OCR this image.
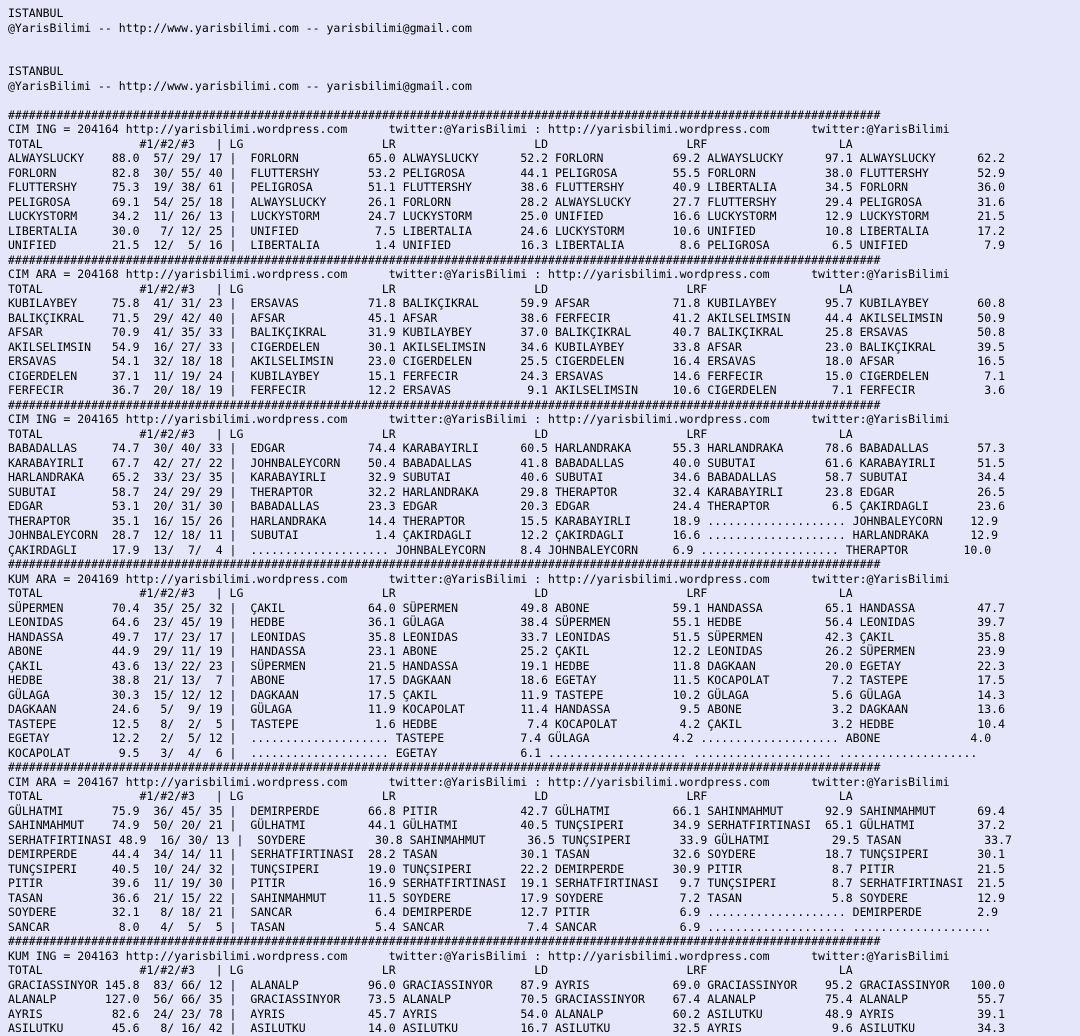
ISTANBUL
@YarisBilimi -- http://www.yarisbilimi.com -- yarisbilimi@gmail.com
ISTANBUL
@YarisBilimi -- http://www.yarisbilimi.com -- yarisbilimi@gmail.com
##############################################################################################################################
CIM ING = 204164 http://yarisbilimi.wordpress.com      twitter:@YarisBilimi : http://yarisbilimi.wordpress.com      twitter:@YarisBilimi
TOTAL              #1/#2/#3   | LG                    LR                    LD                    LRF                   LA
ALWAYSLUCKY    88.0  57/ 29/ 17 |  FORLORN          65.0 ALWAYSLUCKY      52.2 FORLORN          69.2 ALWAYSLUCKY      97.1 ALWAYSLUCKY      62.2
FORLORN        82.8  30/ 55/ 40 |  FLUTTERSHY       53.2 PELIGROSA        44.1 PELIGROSA        55.5 FORLORN          38.0 FLUTTERSHY       52.9
FLUTTERSHY     75.3  19/ 38/ 61 |  PELIGROSA        51.1 FLUTTERSHY       38.6 FLUTTERSHY       40.9 LIBERTALIA       34.5 FORLORN          36.0
PELIGROSA      69.1  54/ 25/ 18 |  ALWAYSLUCKY      26.1 FORLORN          28.2 ALWAYSLUCKY      27.7 FLUTTERSHY       29.4 PELIGROSA        31.6
LUCKYSTORM     34.2  11/ 26/ 13 |  LUCKYSTORM       24.7 LUCKYSTORM       25.0 UNIFIED          16.6 LUCKYSTORM       12.9 LUCKYSTORM       21.5
LIBERTALIA     30.0   7/ 12/ 25 |  UNIFIED           7.5 LIBERTALIA       24.6 LUCKYSTORM       10.6 UNIFIED          10.8 LIBERTALIA       17.2
UNIFIED        21.5  12/  5/ 16 |  LIBERTALIA        1.4 UNIFIED          16.3 LIBERTALIA        8.6 PELIGROSA         6.5 UNIFIED           7.9
##############################################################################################################################
CIM ARA = 204168 http://yarisbilimi.wordpress.com      twitter:@YarisBilimi : http://yarisbilimi.wordpress.com      twitter:@YarisBilimi
TOTAL              #1/#2/#3   | LG                    LR                    LD                    LRF                   LA
KUBILAYBEY     75.8  41/ 31/ 23 |  ERSAVAS          71.8 BALIKÇIKRAL      59.9 AFSAR            71.8 KUBILAYBEY       95.7 KUBILAYBEY       60.8
BALIKÇIKRAL    71.5  29/ 42/ 40 |  AFSAR            45.1 AFSAR            38.6 FERFECIR         41.2 AKILSELIMSIN     44.4 AKILSELIMSIN     50.9
AFSAR          70.9  41/ 35/ 33 |  BALIKÇIKRAL      31.9 KUBILAYBEY       37.0 BALIKÇIKRAL      40.7 BALIKÇIKRAL      25.8 ERSAVAS          50.8
AKILSELIMSIN   54.9  16/ 27/ 33 |  CIGERDELEN       30.1 AKILSELIMSIN     34.6 KUBILAYBEY       33.8 AFSAR            23.0 BALIKÇIKRAL      39.5
ERSAVAS        54.1  32/ 18/ 18 |  AKILSELIMSIN     23.0 CIGERDELEN       25.5 CIGERDELEN       16.4 ERSAVAS          18.0 AFSAR            16.5
CIGERDELEN     37.1  11/ 19/ 24 |  KUBILAYBEY       15.1 FERFECIR         24.3 ERSAVAS          14.6 FERFECIR         15.0 CIGERDELEN        7.1
FERFECIR       36.7  20/ 18/ 19 |  FERFECIR         12.2 ERSAVAS           9.1 AKILSELIMSIN     10.6 CIGERDELEN        7.1 FERFECIR          3.6
##############################################################################################################################
CIM ING = 204165 http://yarisbilimi.wordpress.com      twitter:@YarisBilimi : http://yarisbilimi.wordpress.com      twitter:@YarisBilimi
TOTAL              #1/#2/#3   | LG                    LR                    LD                    LRF                   LA
BABADALLAS     74.7  30/ 40/ 33 |  EDGAR            74.4 KARABAYIRLI      60.5 HARLANDRAKA      55.3 HARLANDRAKA      78.6 BABADALLAS       57.3
KARABAYIRLI    67.7  42/ 27/ 22 |  JOHNBALEYCORN    50.4 BABADALLAS       41.8 BABADALLAS       40.0 SUBUTAI          61.6 KARABAYIRLI      51.5
HARLANDRAKA    65.2  33/ 23/ 35 |  KARABAYIRLI      32.9 SUBUTAI          40.6 SUBUTAI          34.6 BABADALLAS       58.7 SUBUTAI          34.4
SUBUTAI        58.7  24/ 29/ 29 |  THERAPTOR        32.2 HARLANDRAKA      29.8 THERAPTOR        32.4 KARABAYIRLI      23.8 EDGAR            26.5
EDGAR          53.1  20/ 31/ 30 |  BABADALLAS       23.3 EDGAR            20.3 EDGAR            24.4 THERAPTOR         6.5 ÇAKIRDAGLI       23.6
THERAPTOR      35.1  16/ 15/ 26 |  HARLANDRAKA      14.4 THERAPTOR        15.5 KARABAYIRLI      18.9 .................... JOHNBALEYCORN    12.9
JOHNBALEYCORN  28.7  12/ 18/ 11 |  SUBUTAI           1.4 ÇAKIRDAGLI       12.2 ÇAKIRDAGLI       16.6 .................... HARLANDRAKA      12.9
ÇAKIRDAGLI     17.9  13/  7/  4 |  .................... JOHNBALEYCORN     8.4 JOHNBALEYCORN     6.9 .................... THERAPTOR        10.0
##############################################################################################################################
KUM ARA = 204169 http://yarisbilimi.wordpress.com      twitter:@YarisBilimi : http://yarisbilimi.wordpress.com      twitter:@YarisBilimi
TOTAL              #1/#2/#3   | LG                    LR                    LD                    LRF                   LA
SÜPERMEN       70.4  35/ 25/ 32 |  ÇAKIL            64.0 SÜPERMEN         49.8 ABONE            59.1 HANDASSA         65.1 HANDASSA         47.7
LEONIDAS       64.6  23/ 45/ 19 |  HEDBE            36.1 GÜLAGA           38.4 SÜPERMEN         55.1 HEDBE            56.4 LEONIDAS         39.7
HANDASSA       49.7  17/ 23/ 17 |  LEONIDAS         35.8 LEONIDAS         33.7 LEONIDAS         51.5 SÜPERMEN         42.3 ÇAKIL            35.8
ABONE          44.9  29/ 11/ 19 |  HANDASSA         23.1 ABONE            25.2 ÇAKIL            12.2 LEONIDAS         26.2 SÜPERMEN         23.9
ÇAKIL          43.6  13/ 22/ 23 |  SÜPERMEN         21.5 HANDASSA         19.1 HEDBE            11.8 DAGKAAN          20.0 EGETAY           22.3
HEDBE          38.8  21/ 13/  7 |  ABONE            17.5 DAGKAAN          18.6 EGETAY           11.5 KOCAPOLAT         7.2 TASTEPE          17.5
GÜLAGA         30.3  15/ 12/ 12 |  DAGKAAN          17.5 ÇAKIL            11.9 TASTEPE          10.2 GÜLAGA            5.6 GÜLAGA           14.3
DAGKAAN        24.6   5/  9/ 19 |  GÜLAGA           11.9 KOCAPOLAT        11.4 HANDASSA          9.5 ABONE             3.2 DAGKAAN          13.6
TASTEPE        12.5   8/  2/  5 |  TASTEPE           1.6 HEDBE             7.4 KOCAPOLAT         4.2 ÇAKIL             3.2 HEDBE            10.4
EGETAY         12.2   2/  5/ 12 |  .................... TASTEPE           7.4 GÜLAGA            4.2 .................... ABONE             4.0
KOCAPOLAT       9.5   3/  4/  6 |  .................... EGETAY            6.1 .................... .................... ....................
##############################################################################################################################
CIM ARA = 204167 http://yarisbilimi.wordpress.com      twitter:@YarisBilimi : http://yarisbilimi.wordpress.com      twitter:@YarisBilimi
TOTAL              #1/#2/#3   | LG                    LR                    LD                    LRF                   LA
GÜLHATMI       75.9  36/ 45/ 35 |  DEMIRPERDE       66.8 PITIR            42.7 GÜLHATMI         66.1 SAHINMAHMUT      92.9 SAHINMAHMUT      69.4
SAHINMAHMUT    74.9  50/ 20/ 21 |  GÜLHATMI         44.1 GÜLHATMI         40.5 TUNÇSIPERI       34.9 SERHATFIRTINASI  65.1 GÜLHATMI         37.2
SERHATFIRTINASI 48.9  16/ 30/ 13 |  SOYDERE          30.8 SAHINMAHMUT      36.5 TUNÇSIPERI       33.9 GÜLHATMI         29.5 TASAN            33.7
DEMIRPERDE     44.4  34/ 14/ 11 |  SERHATFIRTINASI  28.2 TASAN            30.1 TASAN            32.6 SOYDERE          18.7 TUNÇSIPERI       30.1
TUNÇSIPERI     40.5  10/ 24/ 32 |  TUNÇSIPERI       19.0 TUNÇSIPERI       22.2 DEMIRPERDE       30.9 PITIR             8.7 PITIR            21.5
PITIR          39.6  11/ 19/ 30 |  PITIR            16.9 SERHATFIRTINASI  19.1 SERHATFIRTINASI   9.7 TUNÇSIPERI        8.7 SERHATFIRTINASI  21.5
TASAN          36.6  21/ 15/ 22 |  SAHINMAHMUT      11.5 SOYDERE          17.9 SOYDERE           7.2 TASAN             5.8 SOYDERE          12.9
SOYDERE        32.1   8/ 18/ 21 |  SANCAR            6.4 DEMIRPERDE       12.7 PITIR             6.9 .................... DEMIRPERDE        2.9
SANCAR          8.0   4/  5/  5 |  TASAN             5.4 SANCAR            7.4 SANCAR            6.9 .................... ....................
##############################################################################################################################
KUM ING = 204163 http://yarisbilimi.wordpress.com      twitter:@YarisBilimi : http://yarisbilimi.wordpress.com      twitter:@YarisBilimi
TOTAL              #1/#2/#3   | LG                    LR                    LD                    LRF                   LA
GRACIASSINYOR 145.8  83/ 66/ 12 |  ALANALP          96.0 GRACIASSINYOR    87.9 AYRIS            69.0 GRACIASSINYOR    95.2 GRACIASSINYOR   100.0
ALANALP       127.0  56/ 66/ 35 |  GRACIASSINYOR    73.5 ALANALP          70.5 GRACIASSINYOR    67.4 ALANALP          75.4 ALANALP          55.7
AYRIS          82.6  24/ 23/ 78 |  AYRIS            45.7 AYRIS            54.0 ALANALP          60.2 ASILUTKU         48.9 AYRIS            39.1
ASILUTKU       45.6   8/ 16/ 42 |  ASILUTKU         14.0 ASILUTKU         16.7 ASILUTKU         32.5 AYRIS             9.6 ASILUTKU         34.3
